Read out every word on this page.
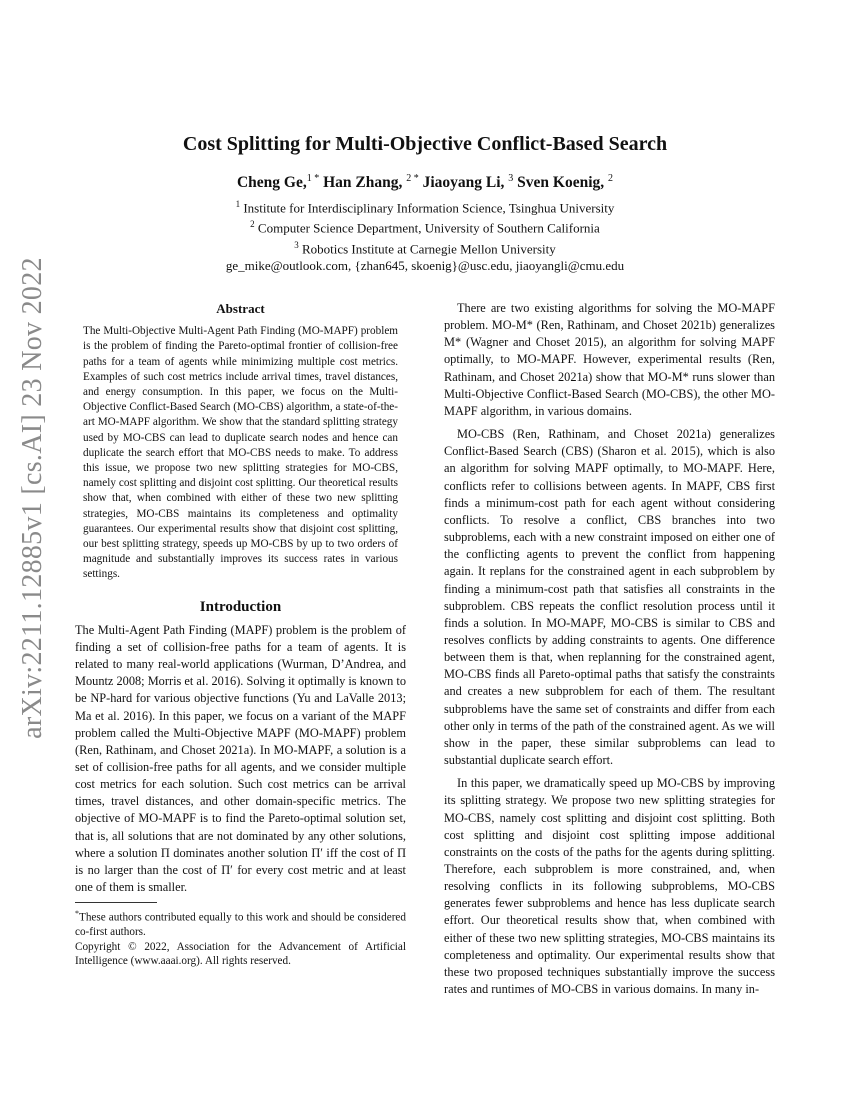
arXiv:2211.12885v1 [cs.AI] 23 Nov 2022
Cost Splitting for Multi-Objective Conflict-Based Search
Cheng Ge,$^{1 *}$ Han Zhang, $^{2 *}$ Jiaoyang Li, $^3$ Sven Koenig, $^2$
$^1$ Institute for Interdisciplinary Information Science, Tsinghua University
$^2$ Computer Science Department, University of Southern California
$^3$ Robotics Institute at Carnegie Mellon University
ge_mike@outlook.com, {zhan645, skoenig}@usc.edu, jiaoyangli@cmu.edu
Abstract

The Multi-Objective Multi-Agent Path Finding (MO-MAPF) problem is the problem of finding the Pareto-optimal frontier of collision-free paths for a team of agents while minimizing multiple cost metrics. Examples of such cost metrics include arrival times, travel distances, and energy consumption. In this paper, we focus on the Multi-Objective Conflict-Based Search (MO-CBS) algorithm, a state-of-the-art MO-MAPF algorithm. We show that the standard splitting strategy used by MO-CBS can lead to duplicate search nodes and hence can duplicate the search effort that MO-CBS needs to make. To address this issue, we propose two new splitting strategies for MO-CBS, namely cost splitting and disjoint cost splitting. Our theoretical results show that, when combined with either of these two new splitting strategies, MO-CBS maintains its completeness and optimality guarantees. Our experimental results show that disjoint cost splitting, our best splitting strategy, speeds up MO-CBS by up to two orders of magnitude and substantially improves its success rates in various settings.

Introduction

The Multi-Agent Path Finding (MAPF) problem is the problem of finding a set of collision-free paths for a team of agents. It is related to many real-world applications (Wurman, D’Andrea, and Mountz 2008; Morris et al. 2016). Solving it optimally is known to be NP-hard for various objective functions (Yu and LaValle 2013; Ma et al. 2016). In this paper, we focus on a variant of the MAPF problem called the Multi-Objective MAPF (MO-MAPF) problem (Ren, Rathinam, and Choset 2021a). In MO-MAPF, a solution is a set of collision-free paths for all agents, and we consider multiple cost metrics for each solution. Such cost metrics can be arrival times, travel distances, and other domain-specific metrics. The objective of MO-MAPF is to find the Pareto-optimal solution set, that is, all solutions that are not dominated by any other solutions, where a solution Π dominates another solution Π′ iff the cost of Π is no larger than the cost of Π′ for every cost metric and at least one of them is smaller.

*These authors contributed equally to this work and should be considered co-first authors.

Copyright © 2022, Association for the Advancement of Artificial Intelligence (www.aaai.org). All rights reserved.

There are two existing algorithms for solving the MO-MAPF problem. MO-M* (Ren, Rathinam, and Choset 2021b) generalizes M* (Wagner and Choset 2015), an algorithm for solving MAPF optimally, to MO-MAPF. However, experimental results (Ren, Rathinam, and Choset 2021a) show that MO-M* runs slower than Multi-Objective Conflict-Based Search (MO-CBS), the other MO-MAPF algorithm, in various domains.

MO-CBS (Ren, Rathinam, and Choset 2021a) generalizes Conflict-Based Search (CBS) (Sharon et al. 2015), which is also an algorithm for solving MAPF optimally, to MO-MAPF. Here, conflicts refer to collisions between agents. In MAPF, CBS first finds a minimum-cost path for each agent without considering conflicts. To resolve a conflict, CBS branches into two subproblems, each with a new constraint imposed on either one of the conflicting agents to prevent the conflict from happening again. It replans for the constrained agent in each subproblem by finding a minimum-cost path that satisfies all constraints in the subproblem. CBS repeats the conflict resolution process until it finds a solution. In MO-MAPF, MO-CBS is similar to CBS and resolves conflicts by adding constraints to agents. One difference between them is that, when replanning for the constrained agent, MO-CBS finds all Pareto-optimal paths that satisfy the constraints and creates a new subproblem for each of them. The resultant subproblems have the same set of constraints and differ from each other only in terms of the path of the constrained agent. As we will show in the paper, these similar subproblems can lead to substantial duplicate search effort.

In this paper, we dramatically speed up MO-CBS by improving its splitting strategy. We propose two new splitting strategies for MO-CBS, namely cost splitting and disjoint cost splitting. Both cost splitting and disjoint cost splitting impose additional constraints on the costs of the paths for the agents during splitting. Therefore, each subproblem is more constrained, and, when resolving conflicts in its following subproblems, MO-CBS generates fewer subproblems and hence has less duplicate search effort. Our theoretical results show that, when combined with either of these two new splitting strategies, MO-CBS maintains its completeness and optimality. Our experimental results show that these two proposed techniques substantially improve the success rates and runtimes of MO-CBS in various domains. In many in-
